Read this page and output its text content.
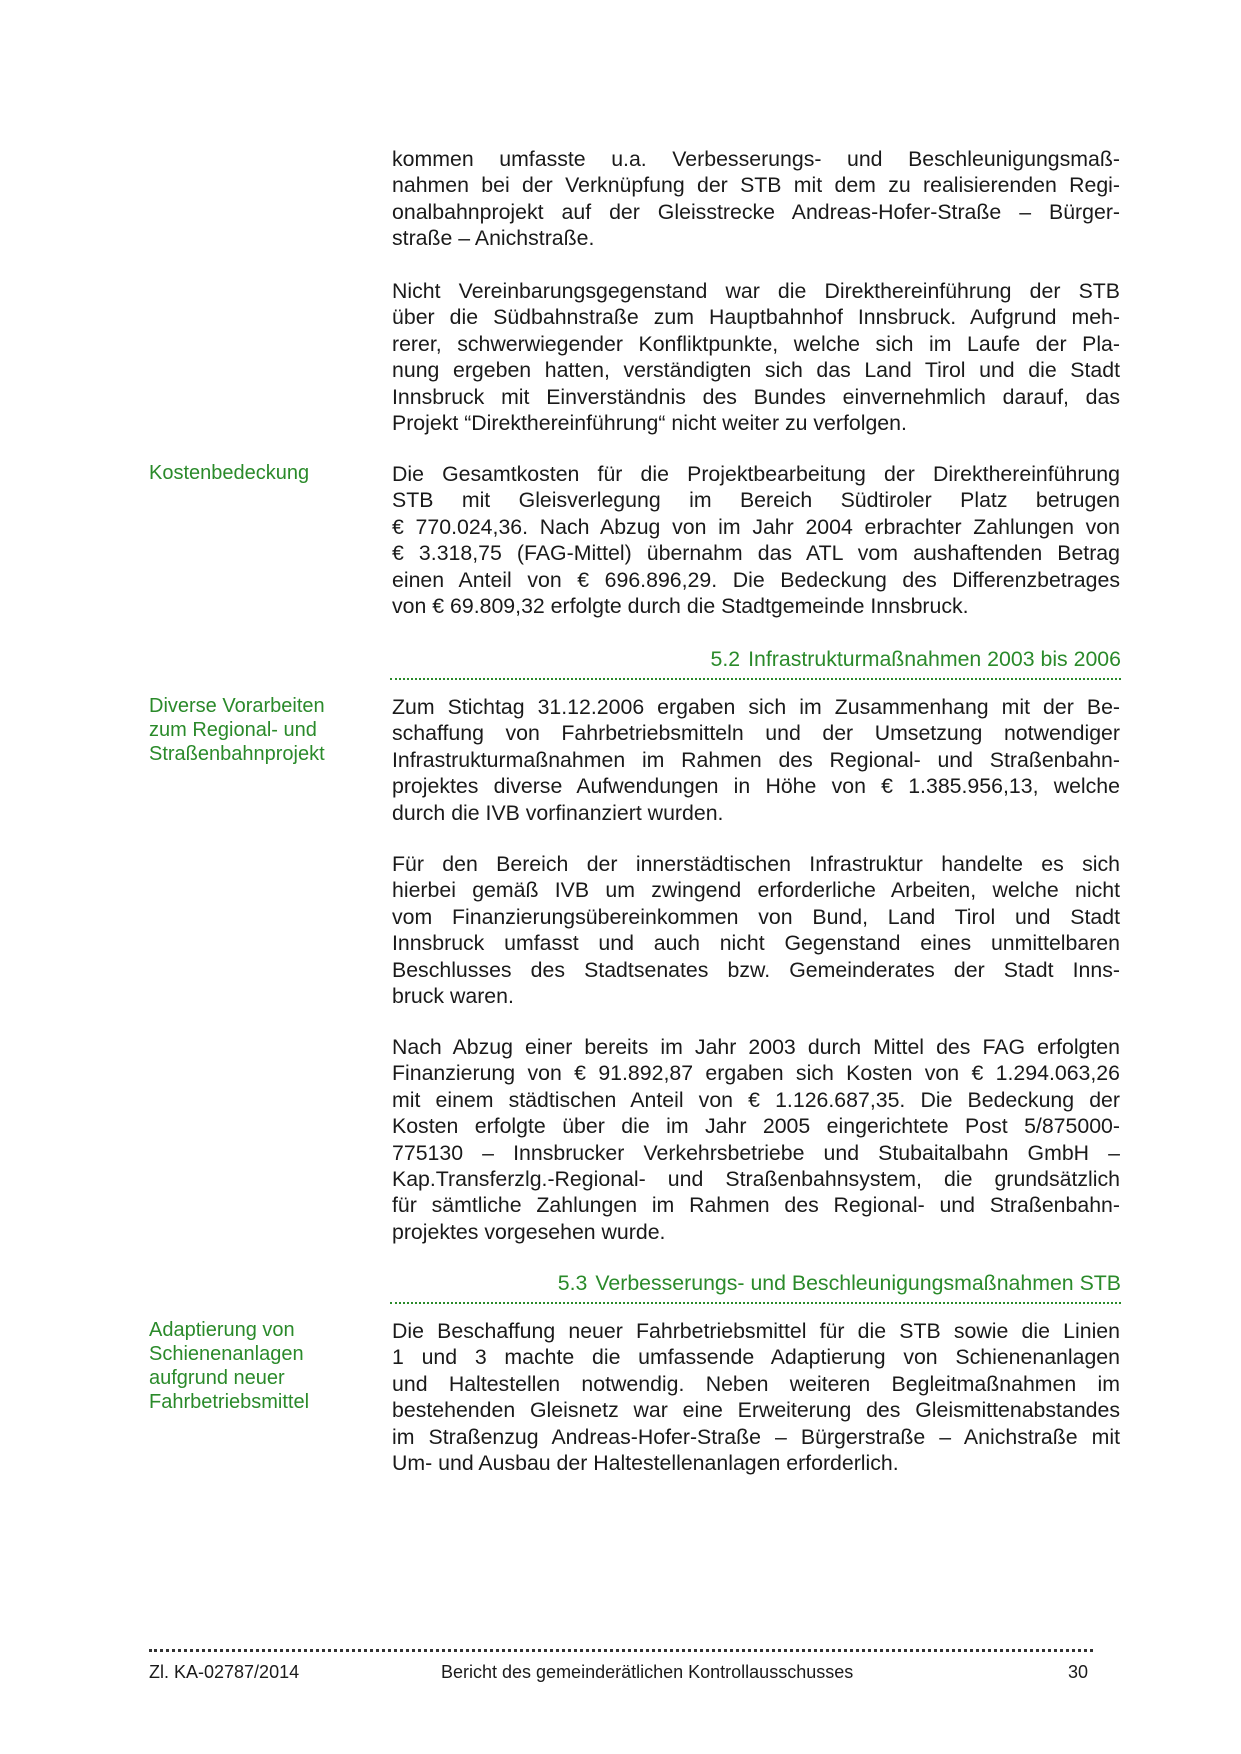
kommen umfasste u.a. Verbesserungs- und Beschleunigungsmaß-
nahmen bei der Verknüpfung der STB mit dem zu realisierenden Regi-
onalbahnprojekt auf der Gleisstrecke Andreas-Hofer-Straße – Bürger-
straße – Anichstraße.
Nicht Vereinbarungsgegenstand war die Direkthereinführung der STB
über die Südbahnstraße zum Hauptbahnhof Innsbruck. Aufgrund meh-
rerer, schwerwiegender Konfliktpunkte, welche sich im Laufe der Pla-
nung ergeben hatten, verständigten sich das Land Tirol und die Stadt
Innsbruck mit Einverständnis des Bundes einvernehmlich darauf, das
Projekt “Direkthereinführung“ nicht weiter zu verfolgen.
Kostenbedeckung	Die Gesamtkosten für die Projektbearbeitung der Direkthereinführung
STB mit Gleisverlegung im Bereich Südtiroler Platz betrugen
€ 770.024,36. Nach Abzug von im Jahr 2004 erbrachter Zahlungen von
€ 3.318,75 (FAG-Mittel) übernahm das ATL vom aushaftenden Betrag
einen Anteil von € 696.896,29. Die Bedeckung des Differenzbetrages
von € 69.809,32 erfolgte durch die Stadtgemeinde Innsbruck.
5.2 Infrastrukturmaßnahmen 2003 bis 2006
Diverse Vorarbeiten
zum Regional- und
Straßenbahnprojekt
Zum Stichtag 31.12.2006 ergaben sich im Zusammenhang mit der Be-
schaffung von Fahrbetriebsmitteln und der Umsetzung notwendiger
Infrastrukturmaßnahmen im Rahmen des Regional- und Straßenbahn-
projektes diverse Aufwendungen in Höhe von € 1.385.956,13, welche
durch die IVB vorfinanziert wurden.
Für den Bereich der innerstädtischen Infrastruktur handelte es sich
hierbei gemäß IVB um zwingend erforderliche Arbeiten, welche nicht
vom Finanzierungsübereinkommen von Bund, Land Tirol und Stadt
Innsbruck umfasst und auch nicht Gegenstand eines unmittelbaren
Beschlusses des Stadtsenates bzw. Gemeinderates der Stadt Inns-
bruck waren.
Nach Abzug einer bereits im Jahr 2003 durch Mittel des FAG erfolgten
Finanzierung von € 91.892,87 ergaben sich Kosten von € 1.294.063,26
mit einem städtischen Anteil von € 1.126.687,35. Die Bedeckung der
Kosten erfolgte über die im Jahr 2005 eingerichtete Post 5/875000-
775130 – Innsbrucker Verkehrsbetriebe und Stubaitalbahn GmbH –
Kap.Transferzlg.-Regional- und Straßenbahnsystem, die grundsätzlich
für sämtliche Zahlungen im Rahmen des Regional- und Straßenbahn-
projektes vorgesehen wurde.
5.3 Verbesserungs- und Beschleunigungsmaßnahmen STB
Adaptierung von
Schienenanlagen
aufgrund neuer
Fahrbetriebsmittel
Die Beschaffung neuer Fahrbetriebsmittel für die STB sowie die Linien
1 und 3 machte die umfassende Adaptierung von Schienenanlagen
und Haltestellen notwendig. Neben weiteren Begleitmaßnahmen im
bestehenden Gleisnetz war eine Erweiterung des Gleismittenabstandes
im Straßenzug Andreas-Hofer-Straße – Bürgerstraße – Anichstraße mit
Um- und Ausbau der Haltestellenanlagen erforderlich.
Zl. KA-02787/2014	Bericht des gemeinderätlichen Kontrollausschusses	30
